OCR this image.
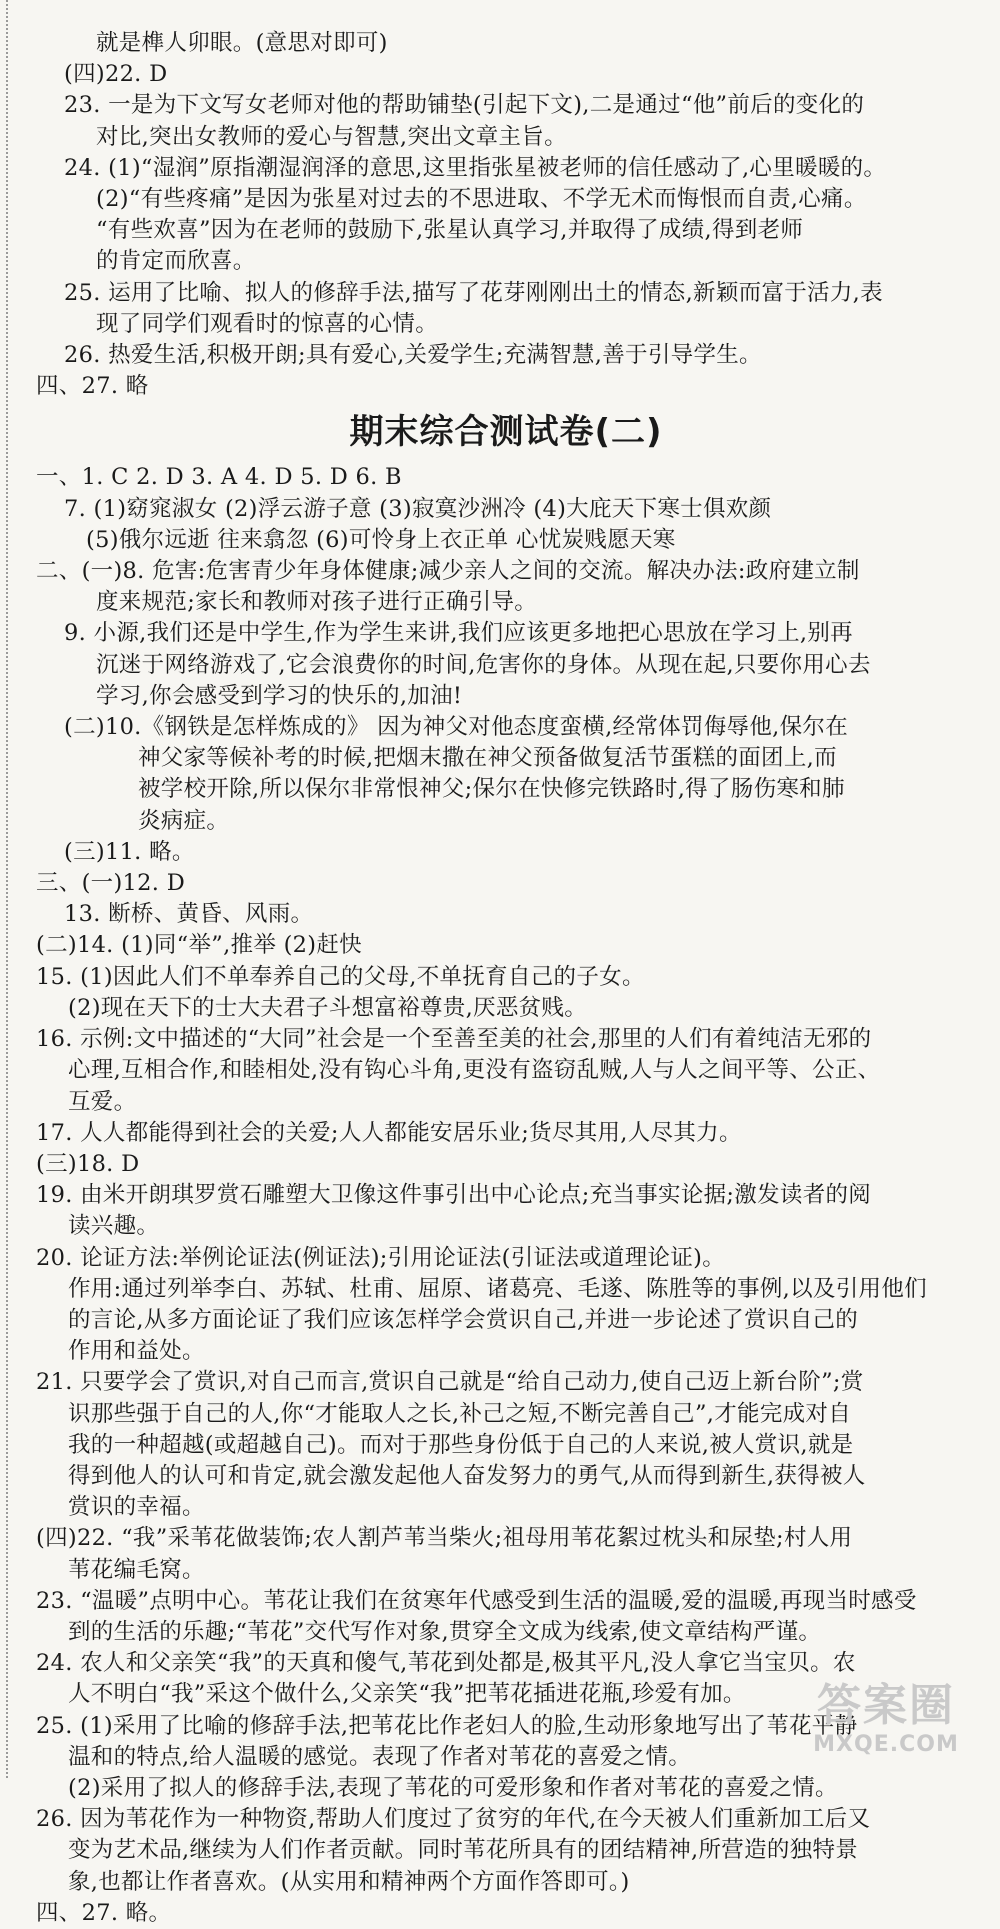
就是榫人卯眼。(意思对即可)
(四)22. D
23. 一是为下文写女老师对他的帮助铺垫(引起下文),二是通过“他”前后的变化的
对比,突出女教师的爱心与智慧,突出文章主旨。
24. (1)“湿润”原指潮湿润泽的意思,这里指张星被老师的信任感动了,心里暖暖的。
(2)“有些疼痛”是因为张星对过去的不思进取、不学无术而悔恨而自责,心痛。
“有些欢喜”因为在老师的鼓励下,张星认真学习,并取得了成绩,得到老师
的肯定而欣喜。
25. 运用了比喻、拟人的修辞手法,描写了花芽刚刚出土的情态,新颖而富于活力,表
现了同学们观看时的惊喜的心情。
26. 热爱生活,积极开朗;具有爱心,关爱学生;充满智慧,善于引导学生。
四、27. 略
期末综合测试卷(二)
一、1. C 2. D 3. A 4. D 5. D 6. B
7. (1)窈窕淑女 (2)浮云游子意 (3)寂寞沙洲冷 (4)大庇天下寒士俱欢颜
(5)俄尔远逝 往来翕忽 (6)可怜身上衣正单 心忧炭贱愿天寒
二、(一)8. 危害:危害青少年身体健康;减少亲人之间的交流。解决办法:政府建立制
度来规范;家长和教师对孩子进行正确引导。
9. 小源,我们还是中学生,作为学生来讲,我们应该更多地把心思放在学习上,别再
沉迷于网络游戏了,它会浪费你的时间,危害你的身体。从现在起,只要你用心去
学习,你会感受到学习的快乐的,加油!
(二)10.《钢铁是怎样炼成的》 因为神父对他态度蛮横,经常体罚侮辱他,保尔在
神父家等候补考的时候,把烟末撒在神父预备做复活节蛋糕的面团上,而
被学校开除,所以保尔非常恨神父;保尔在快修完铁路时,得了肠伤寒和肺
炎病症。
(三)11. 略。
三、(一)12. D
13. 断桥、黄昏、风雨。
(二)14. (1)同“举”,推举 (2)赶快
15. (1)因此人们不单奉养自己的父母,不单抚育自己的子女。
(2)现在天下的士大夫君子斗想富裕尊贵,厌恶贫贱。
16. 示例:文中描述的“大同”社会是一个至善至美的社会,那里的人们有着纯洁无邪的
心理,互相合作,和睦相处,没有钩心斗角,更没有盗窃乱贼,人与人之间平等、公正、
互爱。
17. 人人都能得到社会的关爱;人人都能安居乐业;货尽其用,人尽其力。
(三)18. D
19. 由米开朗琪罗赏石雕塑大卫像这件事引出中心论点;充当事实论据;激发读者的阅
读兴趣。
20. 论证方法:举例论证法(例证法);引用论证法(引证法或道理论证)。
作用:通过列举李白、苏轼、杜甫、屈原、诸葛亮、毛遂、陈胜等的事例,以及引用他们
的言论,从多方面论证了我们应该怎样学会赏识自己,并进一步论述了赏识自己的
作用和益处。
21. 只要学会了赏识,对自己而言,赏识自己就是“给自己动力,使自己迈上新台阶”;赏
识那些强于自己的人,你“才能取人之长,补己之短,不断完善自己”,才能完成对自
我的一种超越(或超越自己)。而对于那些身份低于自己的人来说,被人赏识,就是
得到他人的认可和肯定,就会激发起他人奋发努力的勇气,从而得到新生,获得被人
赏识的幸福。
(四)22. “我”采苇花做装饰;农人割芦苇当柴火;祖母用苇花絮过枕头和尿垫;村人用
苇花编毛窝。
23. “温暖”点明中心。苇花让我们在贫寒年代感受到生活的温暖,爱的温暖,再现当时感受
到的生活的乐趣;“苇花”交代写作对象,贯穿全文成为线索,使文章结构严谨。
24. 农人和父亲笑“我”的天真和傻气,苇花到处都是,极其平凡,没人拿它当宝贝。农
人不明白“我”采这个做什么,父亲笑“我”把苇花插进花瓶,珍爱有加。
25. (1)采用了比喻的修辞手法,把苇花比作老妇人的脸,生动形象地写出了苇花平静
温和的特点,给人温暖的感觉。表现了作者对苇花的喜爱之情。
(2)采用了拟人的修辞手法,表现了苇花的可爱形象和作者对苇花的喜爱之情。
26. 因为苇花作为一种物资,帮助人们度过了贫穷的年代,在今天被人们重新加工后又
变为艺术品,继续为人们作者贡献。同时苇花所具有的团结精神,所营造的独特景
象,也都让作者喜欢。(从实用和精神两个方面作答即可。)
四、27. 略。
答案圈
MXQE.COM
